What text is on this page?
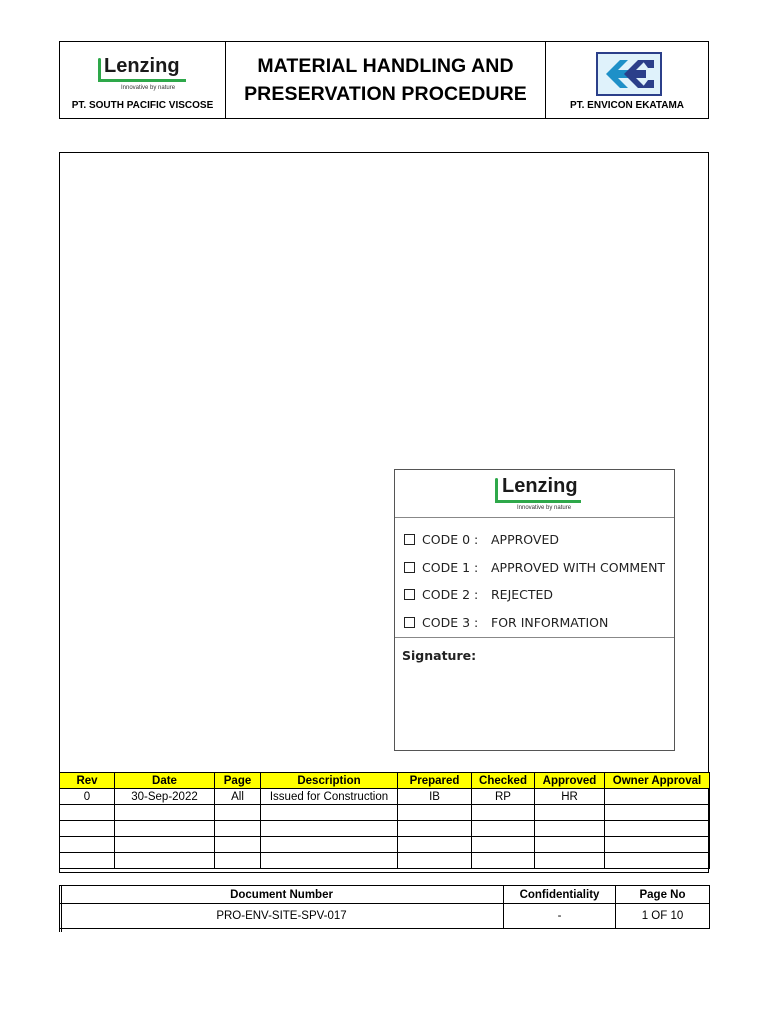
Lenzing
Innovative by nature
PT. SOUTH PACIFIC VISCOSE
MATERIAL HANDLING AND
PRESERVATION PROCEDURE
PT. ENVICON EKATAMA
Lenzing
Innovative by nature
CODE 0 :	APPROVED
CODE 1 :	APPROVED WITH COMMENT
CODE 2 :	REJECTED
CODE 3 :	FOR INFORMATION
Signature:
Rev	Date	Page	Description	Prepared	Checked	Approved	Owner Approval
0	30-Sep-2022	All	Issued for Construction	IB	RP	HR	

Document Number	Confidentiality	Page No
PRO-ENV-SITE-SPV-017	-	1 OF 10
